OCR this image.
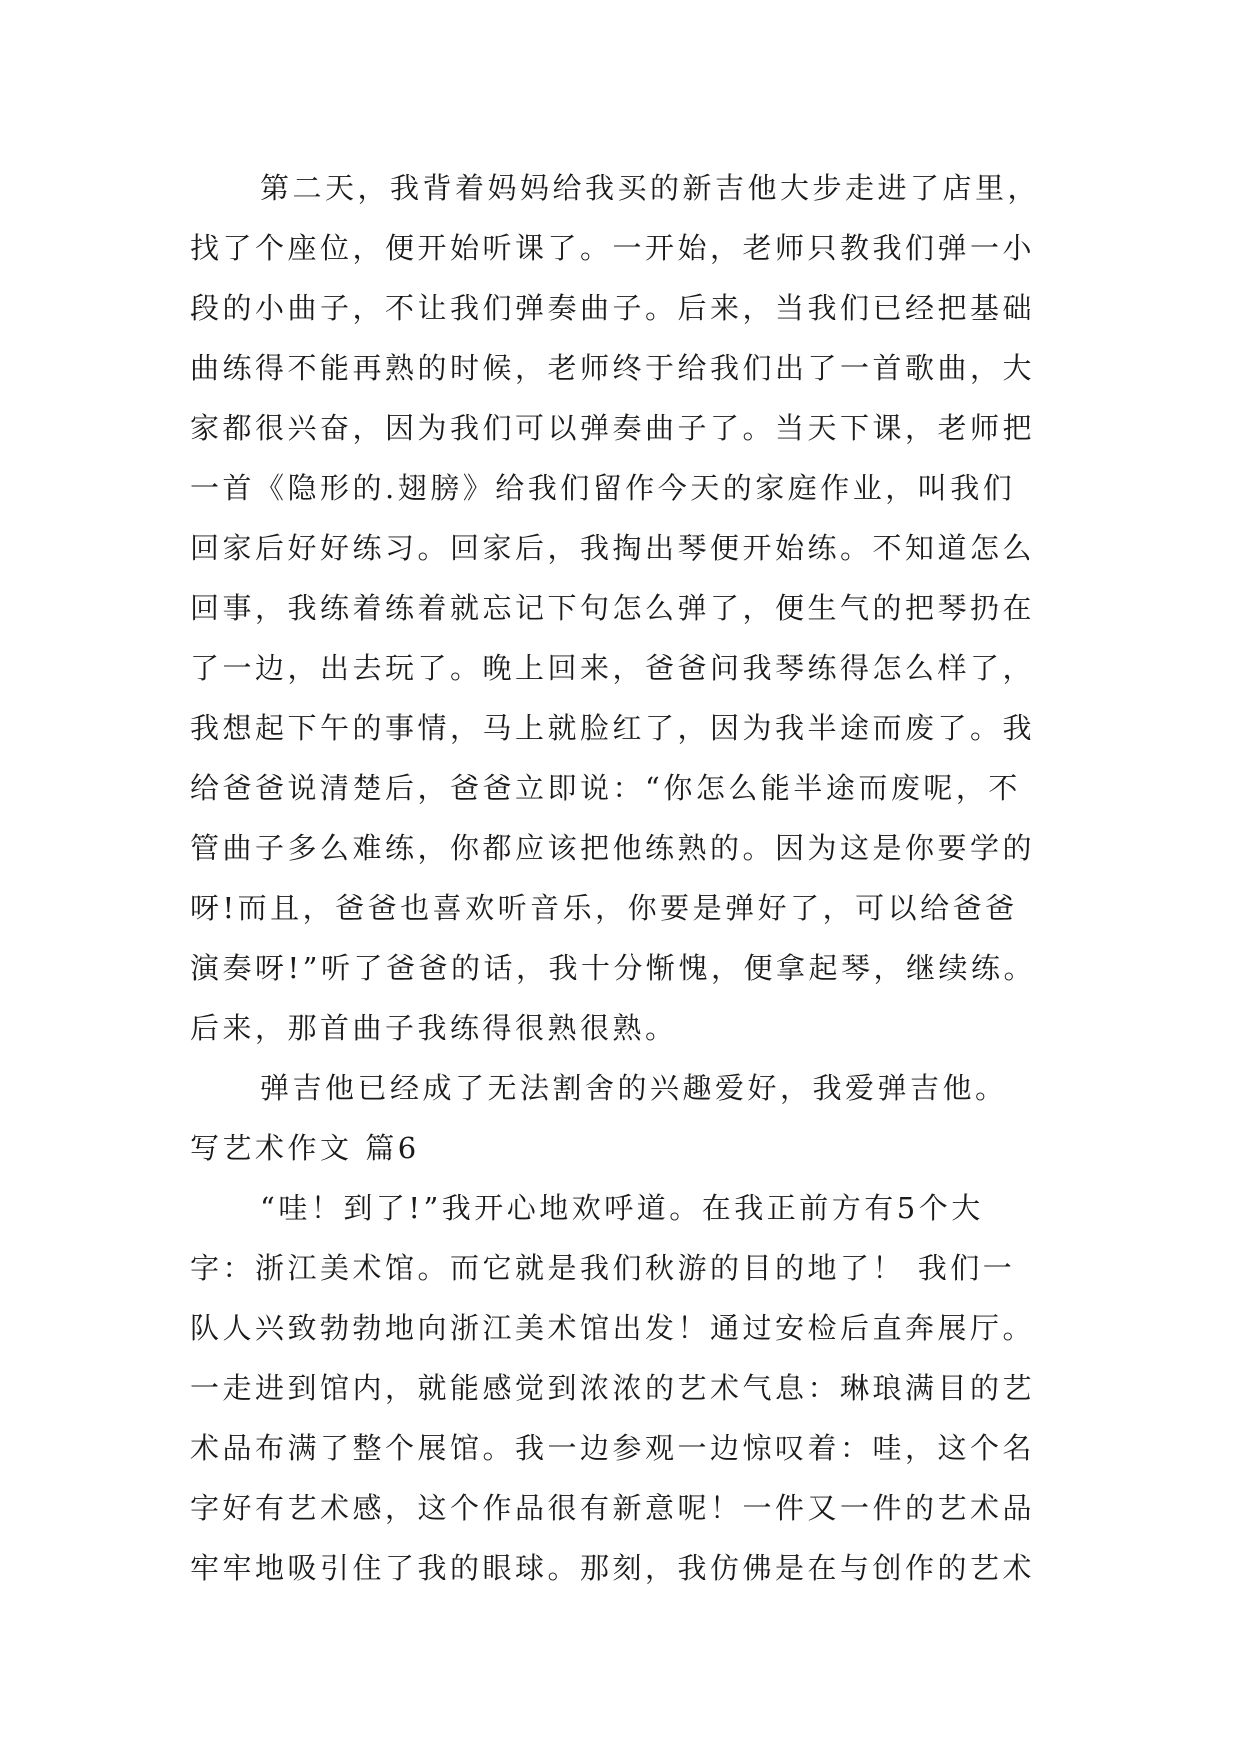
第二天，我背着妈妈给我买的新吉他大步走进了店里，
找了个座位，便开始听课了。一开始，老师只教我们弹一小
段的小曲子，不让我们弹奏曲子。后来，当我们已经把基础
曲练得不能再熟的时候，老师终于给我们出了一首歌曲，大
家都很兴奋，因为我们可以弹奏曲子了。当天下课，老师把
一首《隐形的.翅膀》给我们留作今天的家庭作业，叫我们
回家后好好练习。回家后，我掏出琴便开始练。不知道怎么
回事，我练着练着就忘记下句怎么弹了，便生气的把琴扔在
了一边，出去玩了。晚上回来，爸爸问我琴练得怎么样了，
我想起下午的事情，马上就脸红了，因为我半途而废了。我
给爸爸说清楚后，爸爸立即说：“你怎么能半途而废呢，不
管曲子多么难练，你都应该把他练熟的。因为这是你要学的
呀!而且，爸爸也喜欢听音乐，你要是弹好了，可以给爸爸
演奏呀!”听了爸爸的话，我十分惭愧，便拿起琴，继续练。
后来，那首曲子我练得很熟很熟。
弹吉他已经成了无法割舍的兴趣爱好，我爱弹吉他。
写艺术作文 篇6
“哇！到了!”我开心地欢呼道。在我正前方有5个大
字：浙江美术馆。而它就是我们秋游的目的地了！ 我们一
队人兴致勃勃地向浙江美术馆出发！通过安检后直奔展厅。
一走进到馆内，就能感觉到浓浓的艺术气息：琳琅满目的艺
术品布满了整个展馆。我一边参观一边惊叹着：哇，这个名
字好有艺术感，这个作品很有新意呢！一件又一件的艺术品
牢牢地吸引住了我的眼球。那刻，我仿佛是在与创作的艺术
